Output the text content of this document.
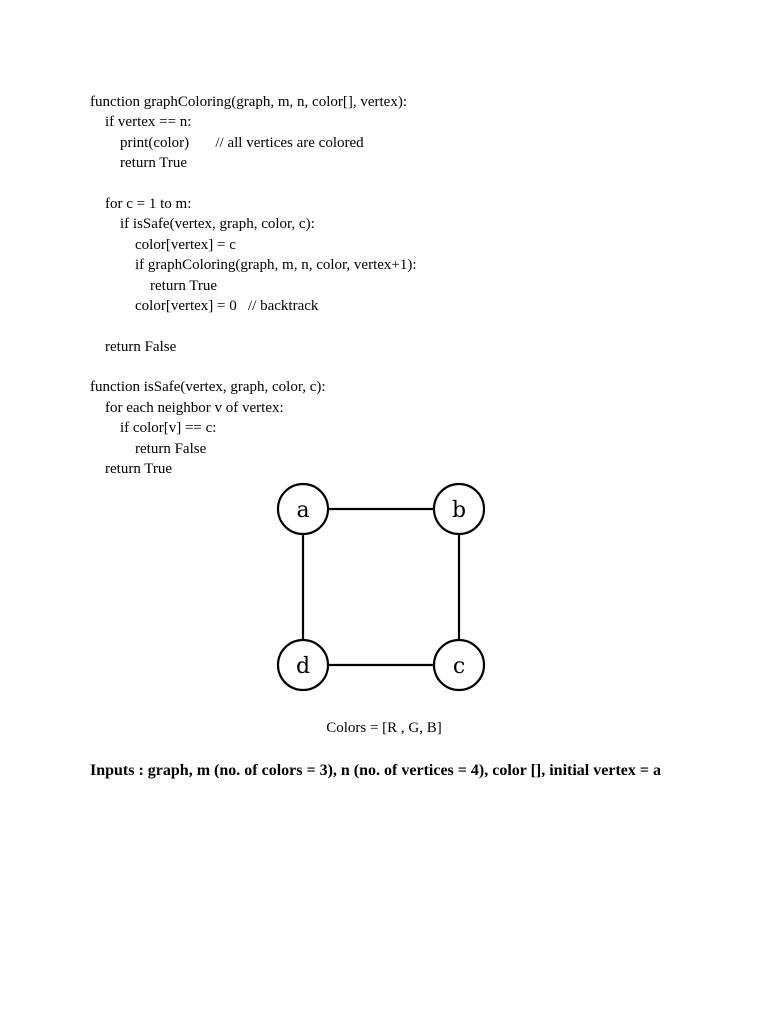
function graphColoring(graph, m, n, color[], vertex):
if vertex == n:
print(color)       // all vertices are colored
return True
for c = 1 to m:
if isSafe(vertex, graph, color, c):
color[vertex] = c
if graphColoring(graph, m, n, color, vertex+1):
return True
color[vertex] = 0   // backtrack
return False
function isSafe(vertex, graph, color, c):
for each neighbor v of vertex:
if color[v] == c:
return False
return True
a	b
c
d
Colors = [R , G, B]
Inputs : graph, m (no. of colors = 3), n (no. of vertices = 4), color [], initial vertex = a
